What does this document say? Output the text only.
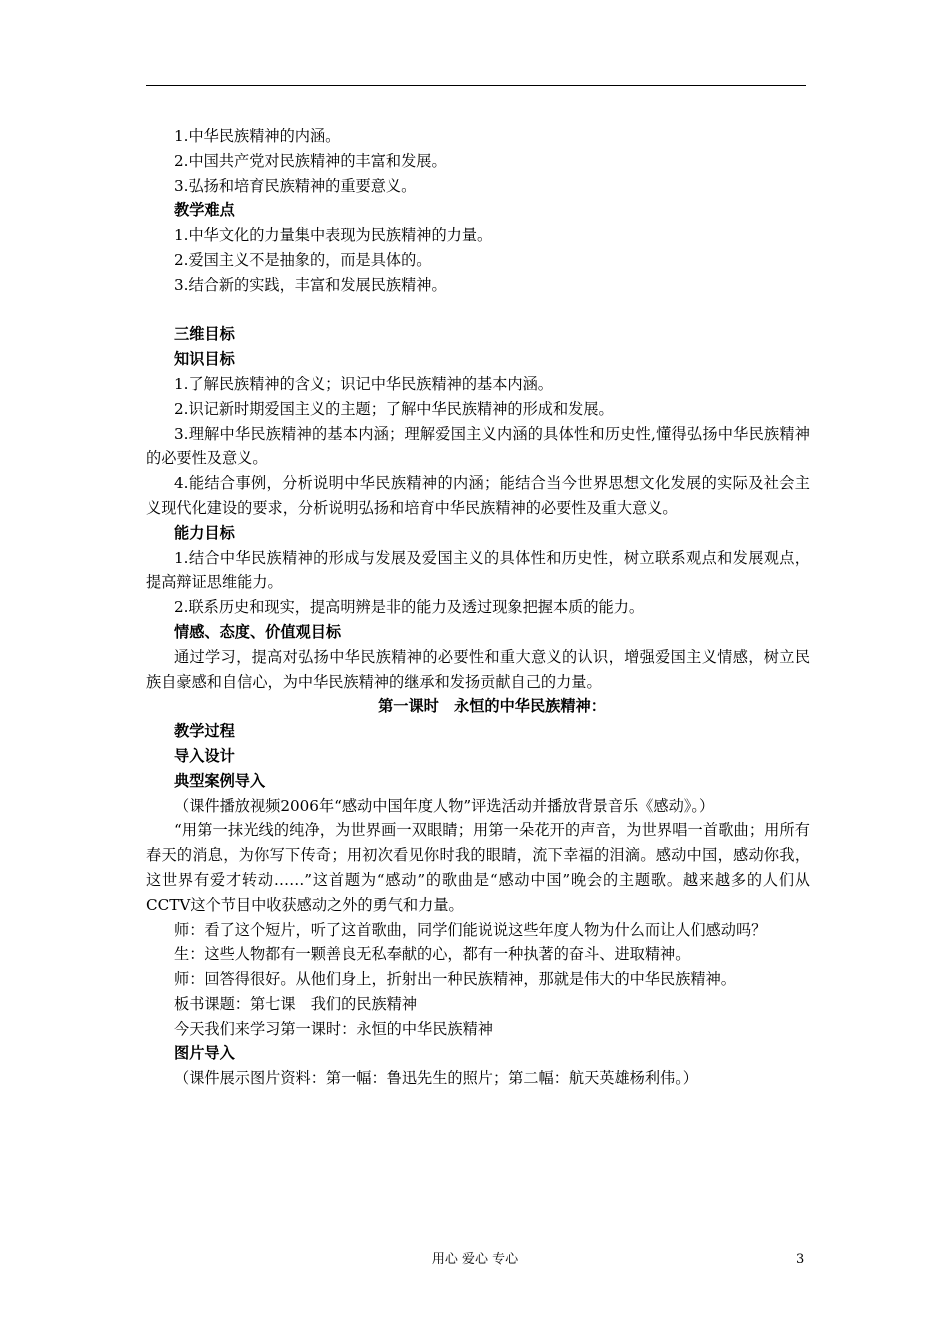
1.中华民族精神的内涵。

2.中国共产党对民族精神的丰富和发展。

3.弘扬和培育民族精神的重要意义。

教学难点

1.中华文化的力量集中表现为民族精神的力量。

2.爱国主义不是抽象的，而是具体的。

3.结合新的实践，丰富和发展民族精神。

三维目标

知识目标

1.了解民族精神的含义；识记中华民族精神的基本内涵。

2.识记新时期爱国主义的主题；了解中华民族精神的形成和发展。

3.理解中华民族精神的基本内涵；理解爱国主义内涵的具体性和历史性,懂得弘扬中华民族精神的必要性及意义。

4.能结合事例，分析说明中华民族精神的内涵；能结合当今世界思想文化发展的实际及社会主义现代化建设的要求，分析说明弘扬和培育中华民族精神的必要性及重大意义。

能力目标

1.结合中华民族精神的形成与发展及爱国主义的具体性和历史性，树立联系观点和发展观点，提高辩证思维能力。

2.联系历史和现实，提高明辨是非的能力及透过现象把握本质的能力。

情感、态度、价值观目标

通过学习，提高对弘扬中华民族精神的必要性和重大意义的认识，增强爱国主义情感，树立民族自豪感和自信心，为中华民族精神的继承和发扬贡献自己的力量。

第一课时　永恒的中华民族精神：

教学过程

导入设计

典型案例导入

（课件播放视频2006年“感动中国年度人物”评选活动并播放背景音乐《感动》。）

“用第一抹光线的纯净，为世界画一双眼睛；用第一朵花开的声音，为世界唱一首歌曲；用所有春天的消息，为你写下传奇；用初次看见你时我的眼睛，流下幸福的泪滴。感动中国，感动你我，这世界有爱才转动……”这首题为“感动”的歌曲是“感动中国”晚会的主题歌。越来越多的人们从CCTV这个节目中收获感动之外的勇气和力量。

师：看了这个短片，听了这首歌曲，同学们能说说这些年度人物为什么而让人们感动吗？

生：这些人物都有一颗善良无私奉献的心，都有一种执著的奋斗、进取精神。

师：回答得很好。从他们身上，折射出一种民族精神，那就是伟大的中华民族精神。

板书课题：第七课　我们的民族精神

今天我们来学习第一课时：永恒的中华民族精神

图片导入

（课件展示图片资料：第一幅：鲁迅先生的照片；第二幅：航天英雄杨利伟。）

用心 爱心 专心	3
